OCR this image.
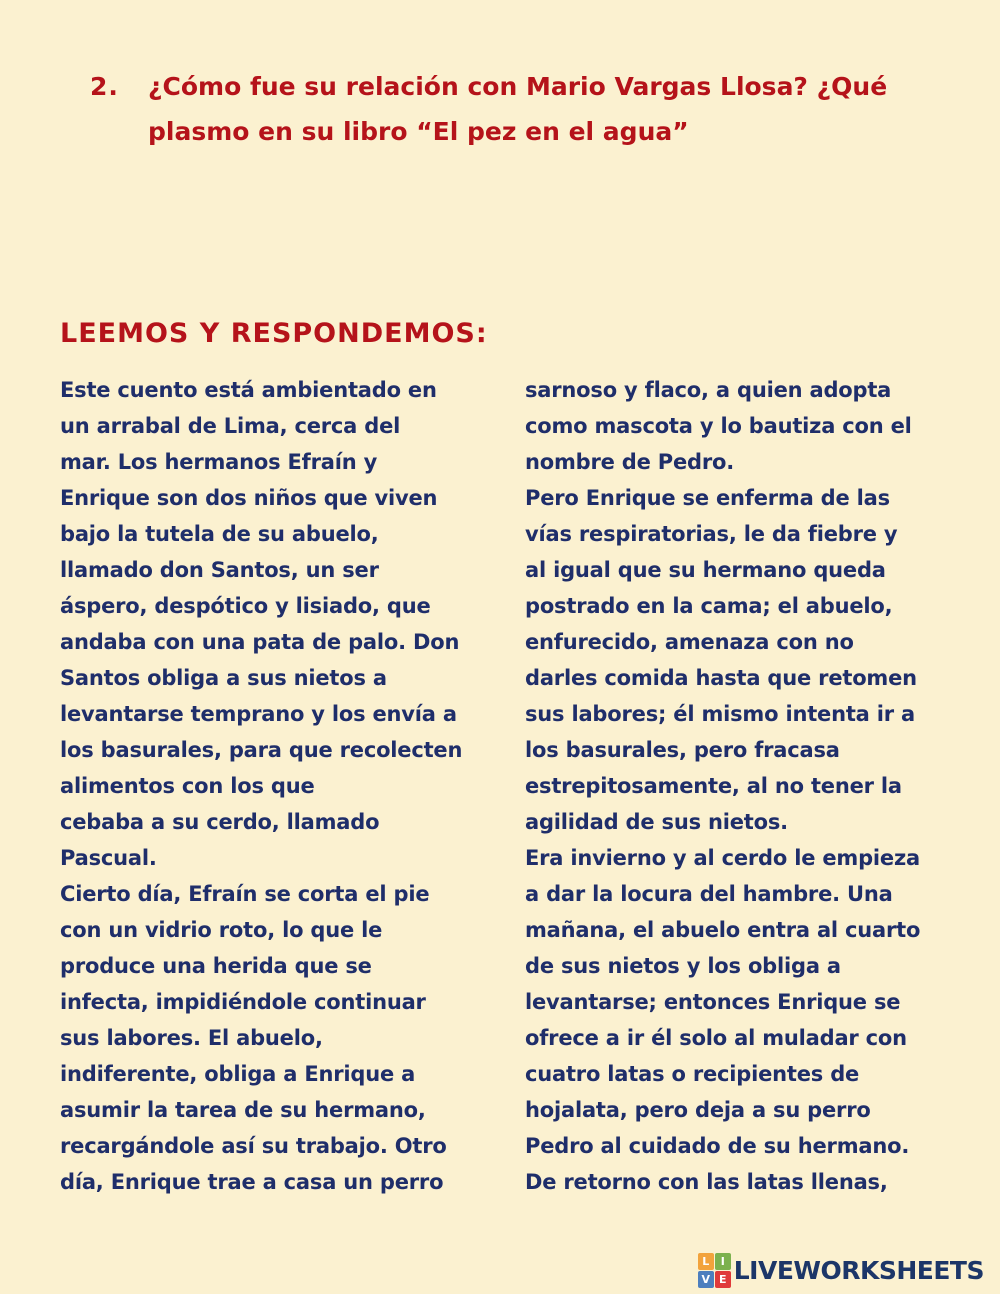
2.	¿Cómo fue su relación con Mario Vargas Llosa? ¿Qué
plasmo en su libro “El pez en el agua”
LEEMOS Y RESPONDEMOS:
Este cuento está ambientado en
un arrabal de Lima, cerca del
mar. Los hermanos Efraín y
Enrique son dos niños que viven
bajo la tutela de su abuelo,
llamado don Santos, un ser
áspero, despótico y lisiado, que
andaba con una pata de palo. Don
Santos obliga a sus nietos a
levantarse temprano y los envía a
los basurales, para que recolecten
alimentos con los que
cebaba a su cerdo, llamado
Pascual.
Cierto día, Efraín se corta el pie
con un vidrio roto, lo que le
produce una herida que se
infecta, impidiéndole continuar
sus labores. El abuelo,
indiferente, obliga a Enrique a
asumir la tarea de su hermano,
recargándole así su trabajo. Otro
día, Enrique trae a casa un perro
sarnoso y flaco, a quien adopta
como mascota y lo bautiza con el
nombre de Pedro.
Pero Enrique se enferma de las
vías respiratorias, le da fiebre y
al igual que su hermano queda
postrado en la cama; el abuelo,
enfurecido, amenaza con no
darles comida hasta que retomen
sus labores; él mismo intenta ir a
los basurales, pero fracasa
estrepitosamente, al no tener la
agilidad de sus nietos.
Era invierno y al cerdo le empieza
a dar la locura del hambre. Una
mañana, el abuelo entra al cuarto
de sus nietos y los obliga a
levantarse; entonces Enrique se
ofrece a ir él solo al muladar con
cuatro latas o recipientes de
hojalata, pero deja a su perro
Pedro al cuidado de su hermano.
De retorno con las latas llenas,
L	I
V E LIVEWORKSHEETS
